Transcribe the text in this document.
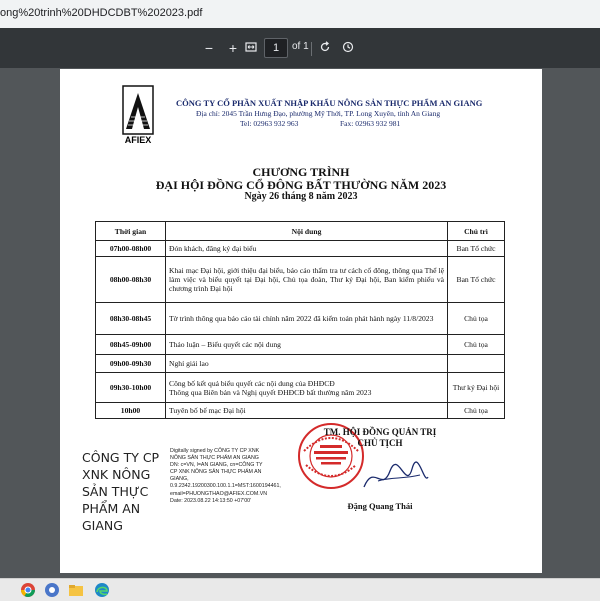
ong%20trinh%20DHDCDBT%202023.pdf
− +	1	of 1
AFIEX
CÔNG TY CỔ PHẦN XUẤT NHẬP KHẨU NÔNG SẢN THỰC PHẨM AN GIANG
Địa chỉ: 2045 Trần Hưng Đạo, phường Mỹ Thới, TP. Long Xuyên, tỉnh An Giang
Tel: 02963 932 963	Fax: 02963 932 981
CHƯƠNG TRÌNH
ĐẠI HỘI ĐỒNG CỔ ĐÔNG BẤT THƯỜNG NĂM 2023
Ngày 26 tháng 8 năm 2023
Thời gian	Nội dung	Chủ trì
07h00-08h00	Đón khách, đăng ký đại biểu	Ban Tổ chức
08h00-08h30	Khai mạc Đại hội, giới thiệu đại biểu, báo cáo thẩm tra tư cách cổ đông, thông qua Thể lệ làm việc và biểu quyết tại Đại hội, Chủ tọa đoàn, Thư ký Đại hội, Ban kiểm phiếu và chương trình Đại hội	Ban Tổ chức
08h30-08h45	Tờ trình thông qua báo cáo tài chính năm 2022 đã kiểm toán phát hành ngày 11/8/2023	Chủ tọa
08h45-09h00	Thảo luận – Biểu quyết các nội dung	Chủ tọa
09h00-09h30	Nghỉ giải lao	
09h30-10h00	Công bố kết quả biểu quyết các nội dung của ĐHĐCĐ
Thông qua Biên bản và Nghị quyết ĐHĐCĐ bất thường năm 2023	Thư ký Đại hội
10h00	Tuyên bố bế mạc Đại hội	Chủ tọa
CÔNG TY CP XNK NÔNG SẢN THỰC PHẨM AN GIANG
Digitally signed by CÔNG TY CP XNK NÔNG SẢN THỰC PHẨM AN GIANG
DN: c=VN, l=AN GIANG, cn=CÔNG TY CP XNK NÔNG SẢN THỰC PHẨM AN GIANG, 0.9.2342.19200300.100.1.1=MST:1600194461, email=PHUONGTHAO@AFIEX.COM.VN
Date: 2023.08.22 14:13:50 +07'00'
TM. HỘI ĐỒNG QUẢN TRỊ
CHỦ TỊCH
Đặng Quang Thái
